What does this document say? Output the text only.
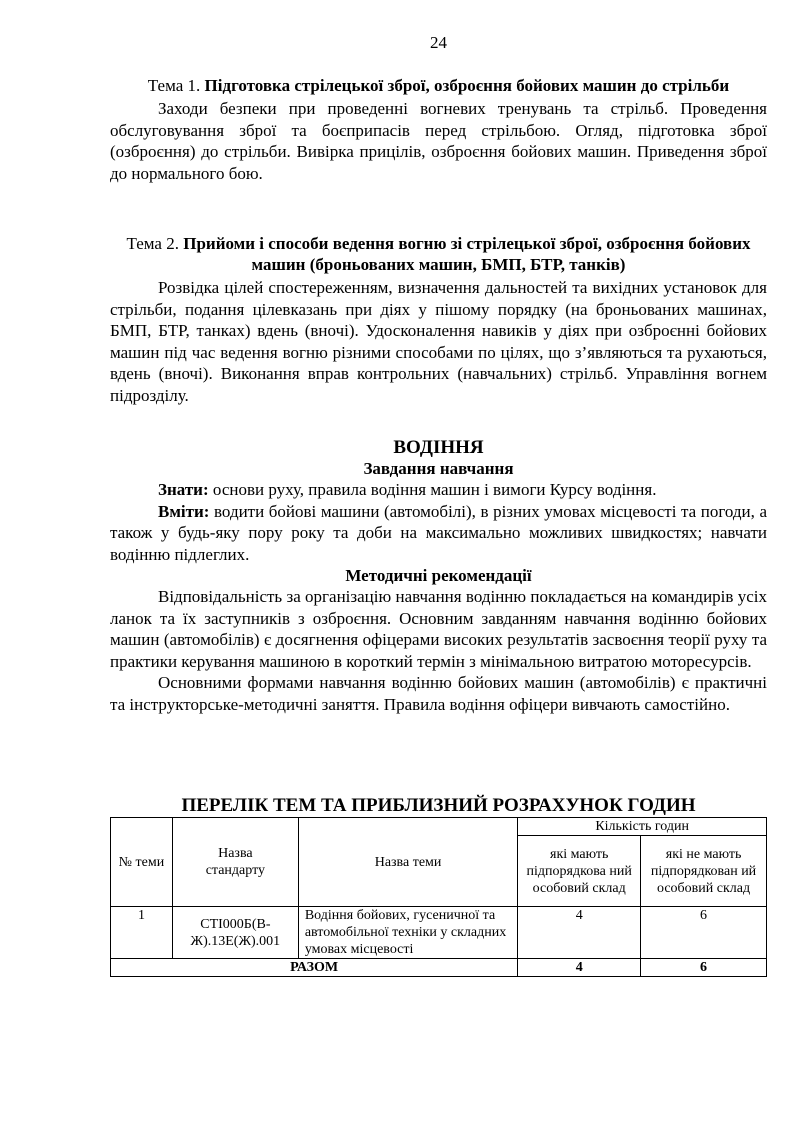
24

Тема 1. Підготовка стрілецької зброї, озброєння бойових машин до стрільби

Заходи безпеки при проведенні вогневих тренувань та стрільб. Проведення обслуговування зброї та боєприпасів перед стрільбою. Огляд, підготовка зброї (озброєння) до стрільби. Вивірка прицілів, озброєння бойових машин. Приведення зброї до нормального бою.

Тема 2. Прийоми і способи ведення вогню зі стрілецької зброї, озброєння бойових машин (броньованих машин, БМП, БТР, танків)

Розвідка цілей спостереженням, визначення дальностей та вихідних установок для стрільби, подання цілевказань при діях у пішому порядку (на броньованих машинах, БМП, БТР, танках) вдень (вночі). Удосконалення навиків у діях при озброєнні бойових машин під час ведення вогню різними способами по цілях, що з’являються та рухаються, вдень (вночі). Виконання вправ контрольних (навчальних) стрільб. Управління вогнем підрозділу.

ВОДІННЯ

Завдання навчання

Знати: основи руху, правила водіння машин і вимоги Курсу водіння.

Вміти: водити бойові машини (автомобілі), в різних умовах місцевості та погоди, а також у будь-яку пору року та доби на максимально можливих швидкостях; навчати водінню підлеглих.

Методичні рекомендації

Відповідальність за організацію навчання водінню покладається на командирів усіх ланок та їх заступників з озброєння. Основним завданням навчання водінню бойових машин (автомобілів) є досягнення офіцерами високих результатів засвоєння теорії руху та практики керування машиною в короткий термін з мінімальною витратою моторесурсів.

Основними формами навчання водінню бойових машин (автомобілів) є практичні та інструкторське-методичні заняття. Правила водіння офіцери вивчають самостійно.

ПЕРЕЛІК ТЕМ ТА ПРИБЛИЗНИЙ РОЗРАХУНОК ГОДИН

№ теми	Назва стандарту	Назва теми	Кількість годин	
			які мають підпорядкова ний особовий склад	які не мають підпорядкован ий особовий склад
1	СТІ000Б(В-Ж).13Е(Ж).001	Водіння бойових, гусеничної та автомобільної техніки у складних умовах місцевості	4	6
РАЗОМ			4	6
